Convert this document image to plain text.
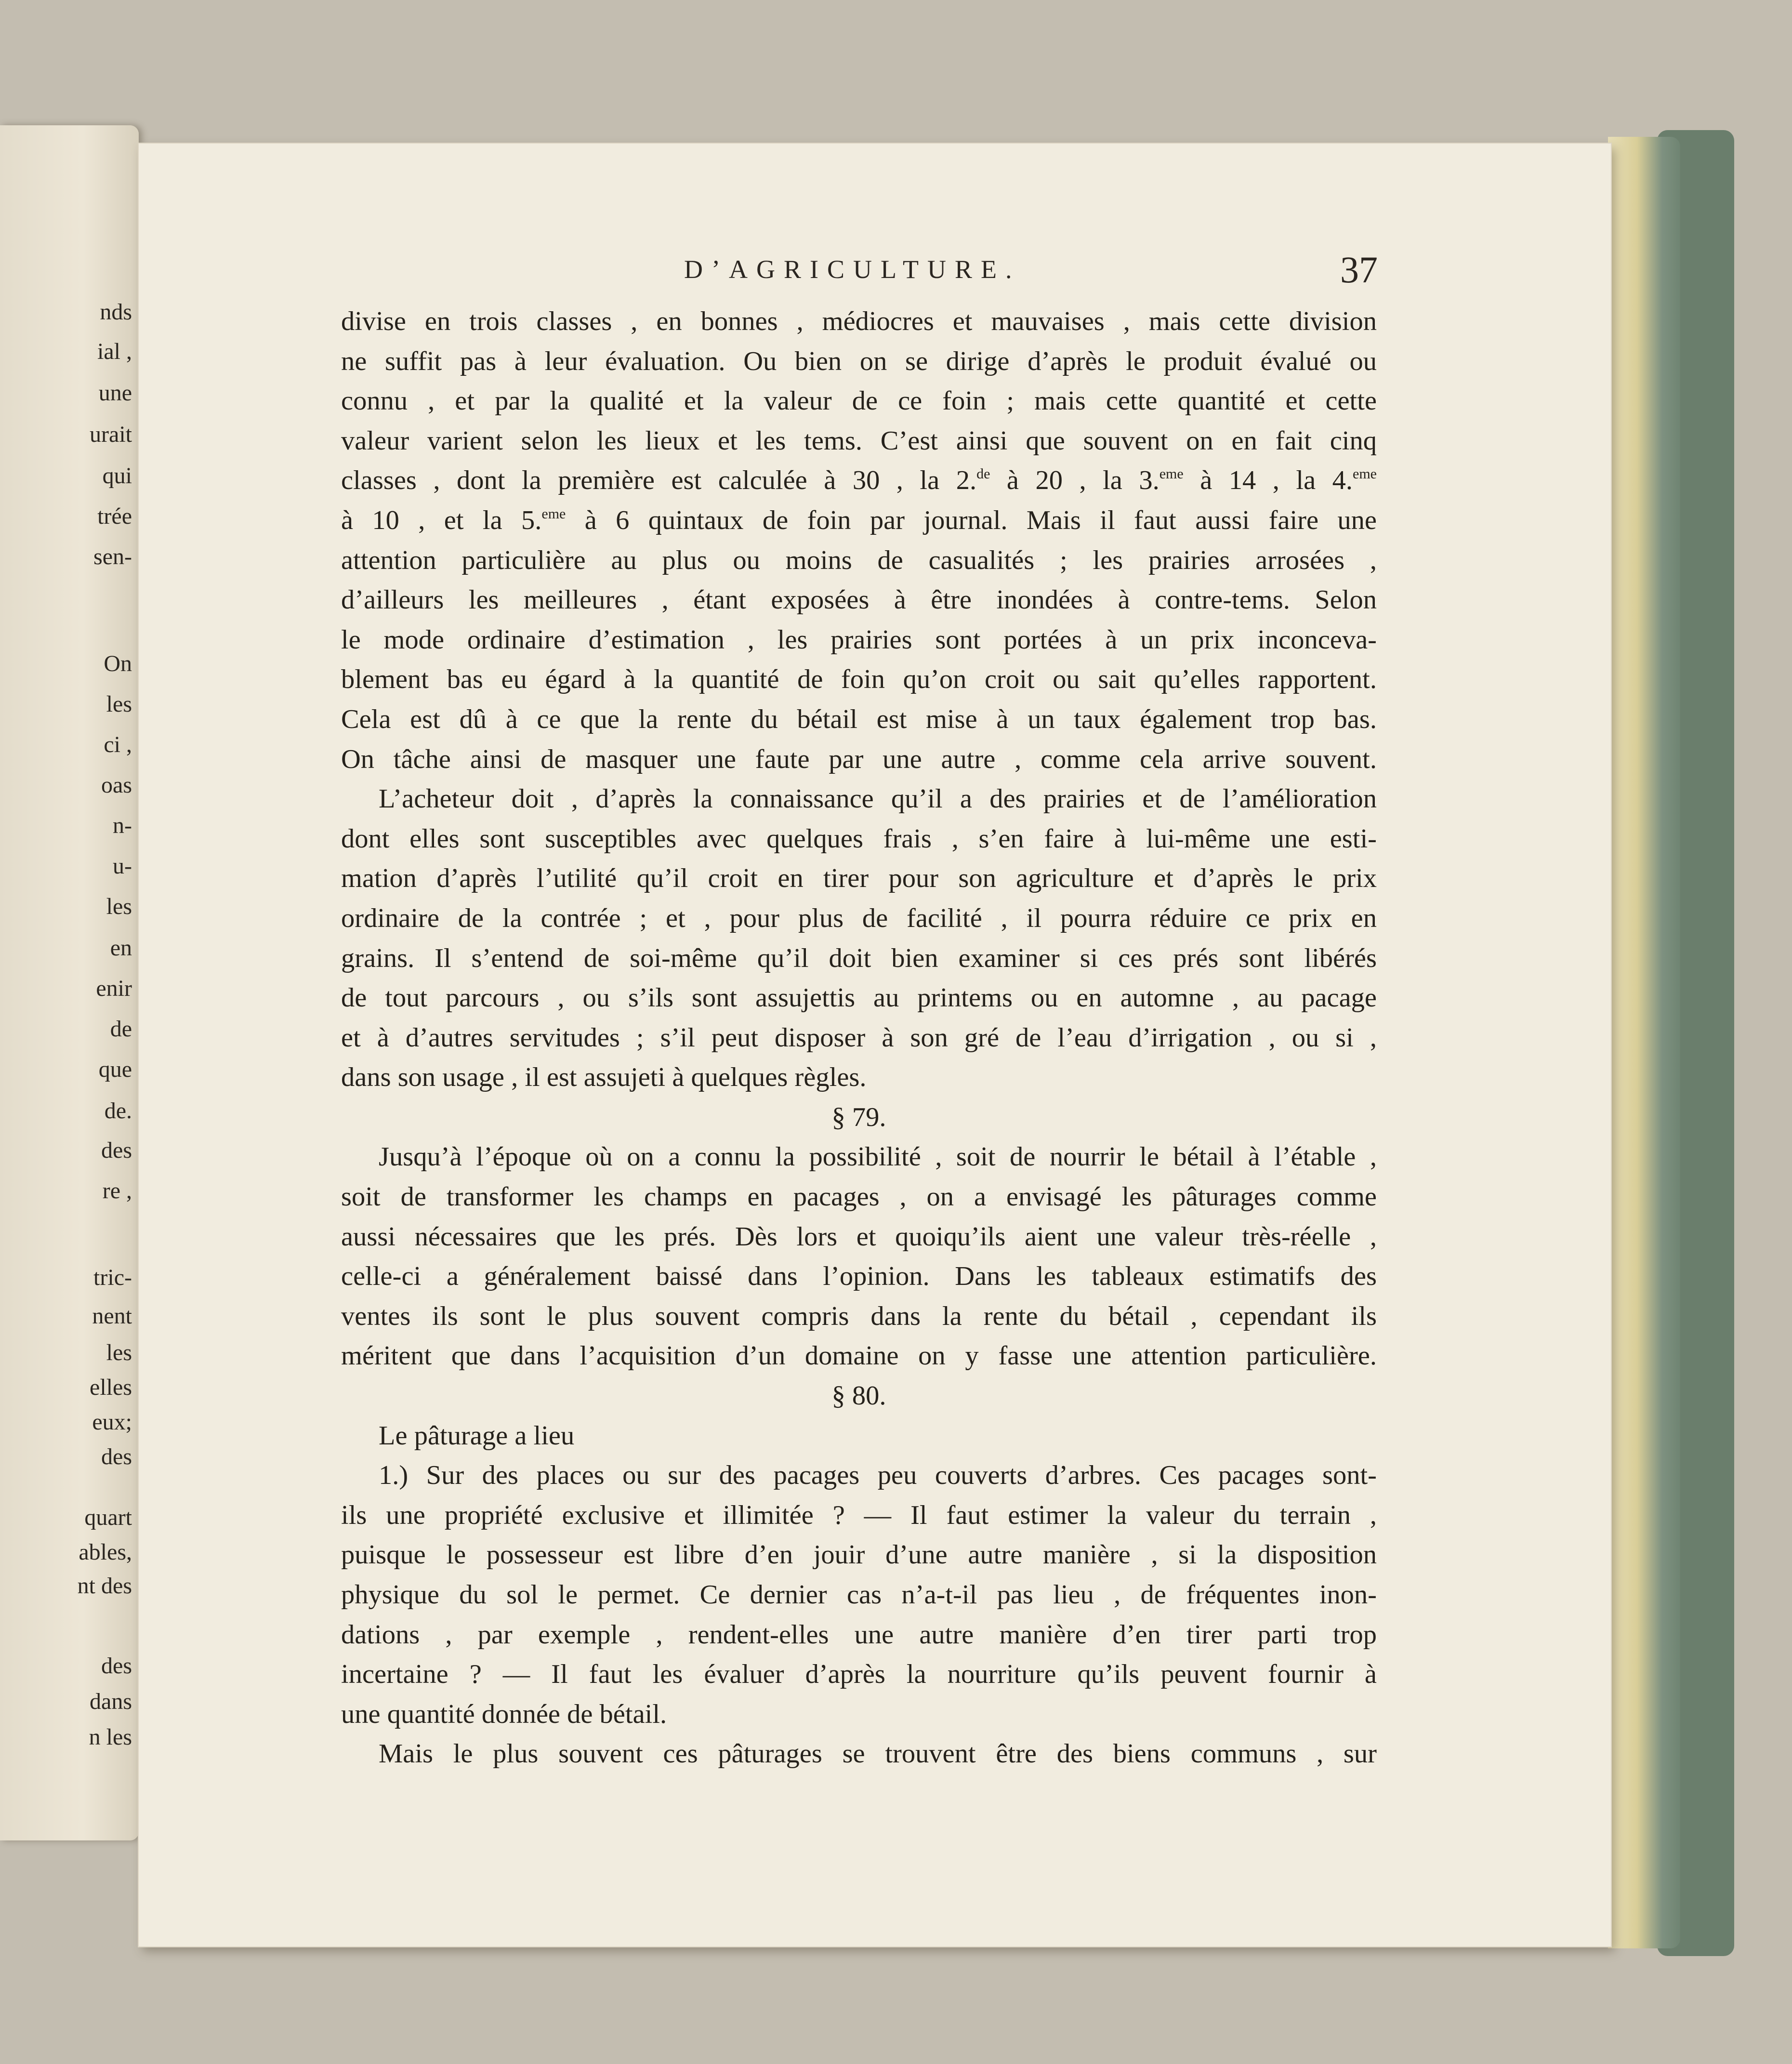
nds
ial ,
une
urait
qui
trée
sen-
On
les
ci ,
oas
n-
u-
les
en
enir
de
que
de.
des
re ,
tric-
nent
les
elles
eux;
des
quart
ables,
nt des
des
dans
n les
D’AGRICULTURE.	37
divise en trois classes , en bonnes , médiocres et mauvaises , mais cette division
ne suffit pas à leur évaluation. Ou bien on se dirige d’après le produit évalué ou
connu , et par la qualité et la valeur de ce foin ; mais cette quantité et cette
valeur varient selon les lieux et les tems. C’est ainsi que souvent on en fait cinq
classes , dont la première est calculée à 30 , la 2.$^{de}$ à 20 , la 3.$^{eme}$ à 14 , la 4.$^{eme}$
à 10 , et la 5.$^{eme}$ à 6 quintaux de foin par journal. Mais il faut aussi faire une
attention particulière au plus ou moins de casualités ; les prairies arrosées ,
d’ailleurs les meilleures , étant exposées à être inondées à contre-tems. Selon
le mode ordinaire d’estimation , les prairies sont portées à un prix inconceva-
blement bas eu égard à la quantité de foin qu’on croit ou sait qu’elles rapportent.
Cela est dû à ce que la rente du bétail est mise à un taux également trop bas.
On tâche ainsi de masquer une faute par une autre , comme cela arrive souvent.
L’acheteur doit , d’après la connaissance qu’il a des prairies et de l’amélioration
dont elles sont susceptibles avec quelques frais , s’en faire à lui-même une esti-
mation d’après l’utilité qu’il croit en tirer pour son agriculture et d’après le prix
ordinaire de la contrée ; et , pour plus de facilité , il pourra réduire ce prix en
grains. Il s’entend de soi-même qu’il doit bien examiner si ces prés sont libérés
de tout parcours , ou s’ils sont assujettis au printems ou en automne , au pacage
et à d’autres servitudes ; s’il peut disposer à son gré de l’eau d’irrigation , ou si ,
dans son usage , il est assujeti à quelques règles.
§ 79.
Jusqu’à l’époque où on a connu la possibilité , soit de nourrir le bétail à l’étable ,
soit de transformer les champs en pacages , on a envisagé les pâturages comme
aussi nécessaires que les prés. Dès lors et quoiqu’ils aient une valeur très-réelle ,
celle-ci a généralement baissé dans l’opinion. Dans les tableaux estimatifs des
ventes ils sont le plus souvent compris dans la rente du bétail , cependant ils
méritent que dans l’acquisition d’un domaine on y fasse une attention particulière.
§ 80.
Le pâturage a lieu
1.) Sur des places ou sur des pacages peu couverts d’arbres. Ces pacages sont-
ils une propriété exclusive et illimitée ? — Il faut estimer la valeur du terrain ,
puisque le possesseur est libre d’en jouir d’une autre manière , si la disposition
physique du sol le permet. Ce dernier cas n’a-t-il pas lieu , de fréquentes inon-
dations , par exemple , rendent-elles une autre manière d’en tirer parti trop
incertaine ? — Il faut les évaluer d’après la nourriture qu’ils peuvent fournir à
une quantité donnée de bétail.
Mais le plus souvent ces pâturages se trouvent être des biens communs , sur
